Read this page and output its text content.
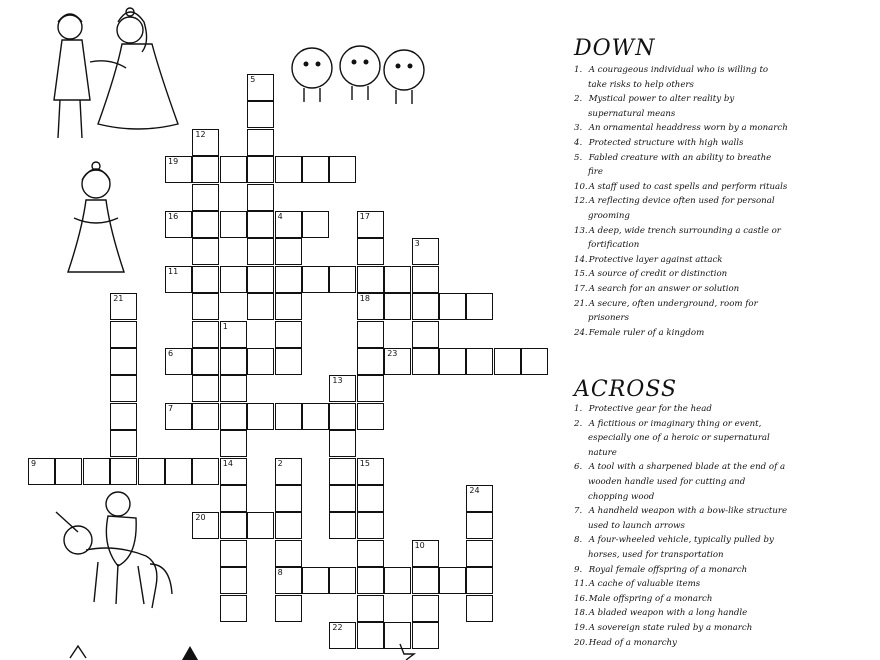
1
14	2
8
3
4
5
10
12
13
15
17
18
21
24
6
7
9
11
16
19
20
22
23
DOWN
1. A courageous individual who is willing to take risks to help others
2. Mystical power to alter reality by supernatural means
3. An ornamental headdress worn by a monarch
4. Protected structure with high walls
5. Fabled creature with an ability to breathe fire
10. A staff used to cast spells and perform rituals
12. A reflecting device often used for personal grooming
13. A deep, wide trench surrounding a castle or fortification
14. Protective layer against attack
15. A source of credit or distinction
17. A search for an answer or solution
21. A secure, often underground, room for prisoners
24. Female ruler of a kingdom
ACROSS
1. Protective gear for the head
2. A fictitious or imaginary thing or event, especially one of a heroic or supernatural nature
6. A tool with a sharpened blade at the end of a wooden handle used for cutting and chopping wood
7. A handheld weapon with a bow-like structure used to launch arrows
8. A four-wheeled vehicle, typically pulled by horses, used for transportation
9. Royal female offspring of a monarch
11. A cache of valuable items
16. Male offspring of a monarch
18. A bladed weapon with a long handle
19. A sovereign state ruled by a monarch
20. Head of a monarchy
